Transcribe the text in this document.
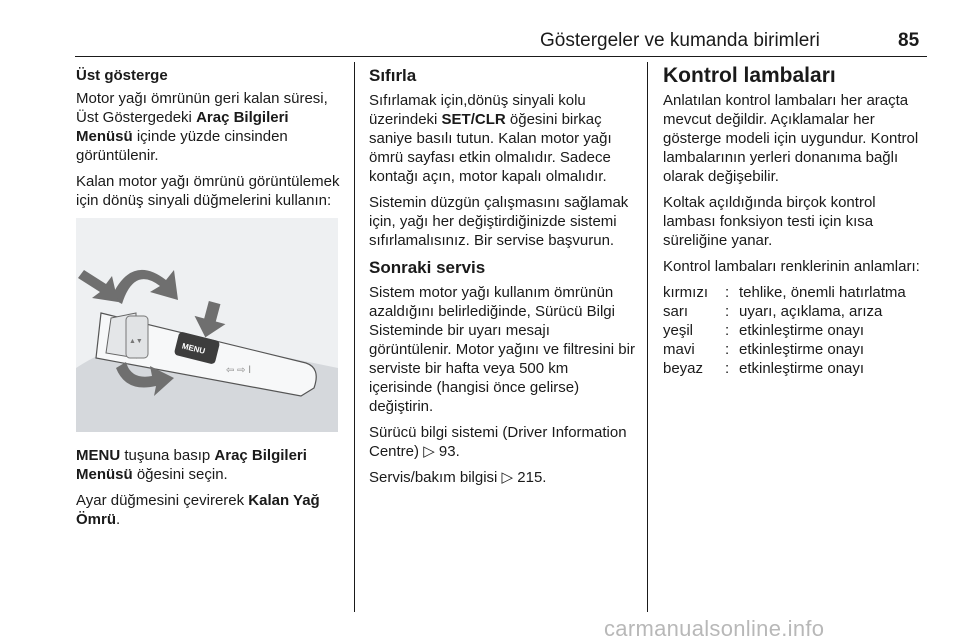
Göstergeler ve kumanda birimleri	85
Üst gösterge

Motor yağı ömrünün geri kalan süresi, Üst Göstergedeki Araç Bilgileri Menüsü içinde yüzde cinsinden görüntülenir.

Kalan motor yağı ömrünü görüntülemek için dönüş sinyali düğmelerini kullanın:

▲▼	MENU
⇦ ⇨ ǀ

MENU tuşuna basıp Araç Bilgileri Menüsü öğesini seçin.

Ayar düğmesini çevirerek Kalan Yağ Ömrü.

Sıfırla

Sıfırlamak için,dönüş sinyali kolu üzerindeki SET/CLR öğesini birkaç saniye basılı tutun. Kalan motor yağı ömrü sayfası etkin olmalıdır. Sadece kontağı açın, motor kapalı olmalıdır.

Sistemin düzgün çalışmasını sağlamak için, yağı her değiştirdiğinizde sistemi sıfırlamalısınız. Bir servise başvurun.

Sonraki servis

Sistem motor yağı kullanım ömrünün azaldığını belirlediğinde, Sürücü Bilgi Sisteminde bir uyarı mesajı görüntülenir. Motor yağını ve filtresini bir serviste bir hafta veya 500 km içerisinde (hangisi önce gelirse) değiştirin.

Sürücü bilgi sistemi (Driver Information Centre) ▷ 93.

Servis/bakım bilgisi ▷ 215.

Kontrol lambaları

Anlatılan kontrol lambaları her araçta mevcut değildir. Açıklamalar her gösterge modeli için uygundur. Kontrol lambalarının yerleri donanıma bağlı olarak değişebilir.

Koltak açıldığında birçok kontrol lambası fonksiyon testi için kısa süreliğine yanar.

Kontrol lambaları renklerinin anlamları:

kırmızı	:	tehlike, önemli hatırlatma
sarı	:	uyarı, açıklama, arıza
yeşil	:	etkinleştirme onayı
mavi	:	etkinleştirme onayı
beyaz	:	etkinleştirme onayı
carmanualsonline.info
